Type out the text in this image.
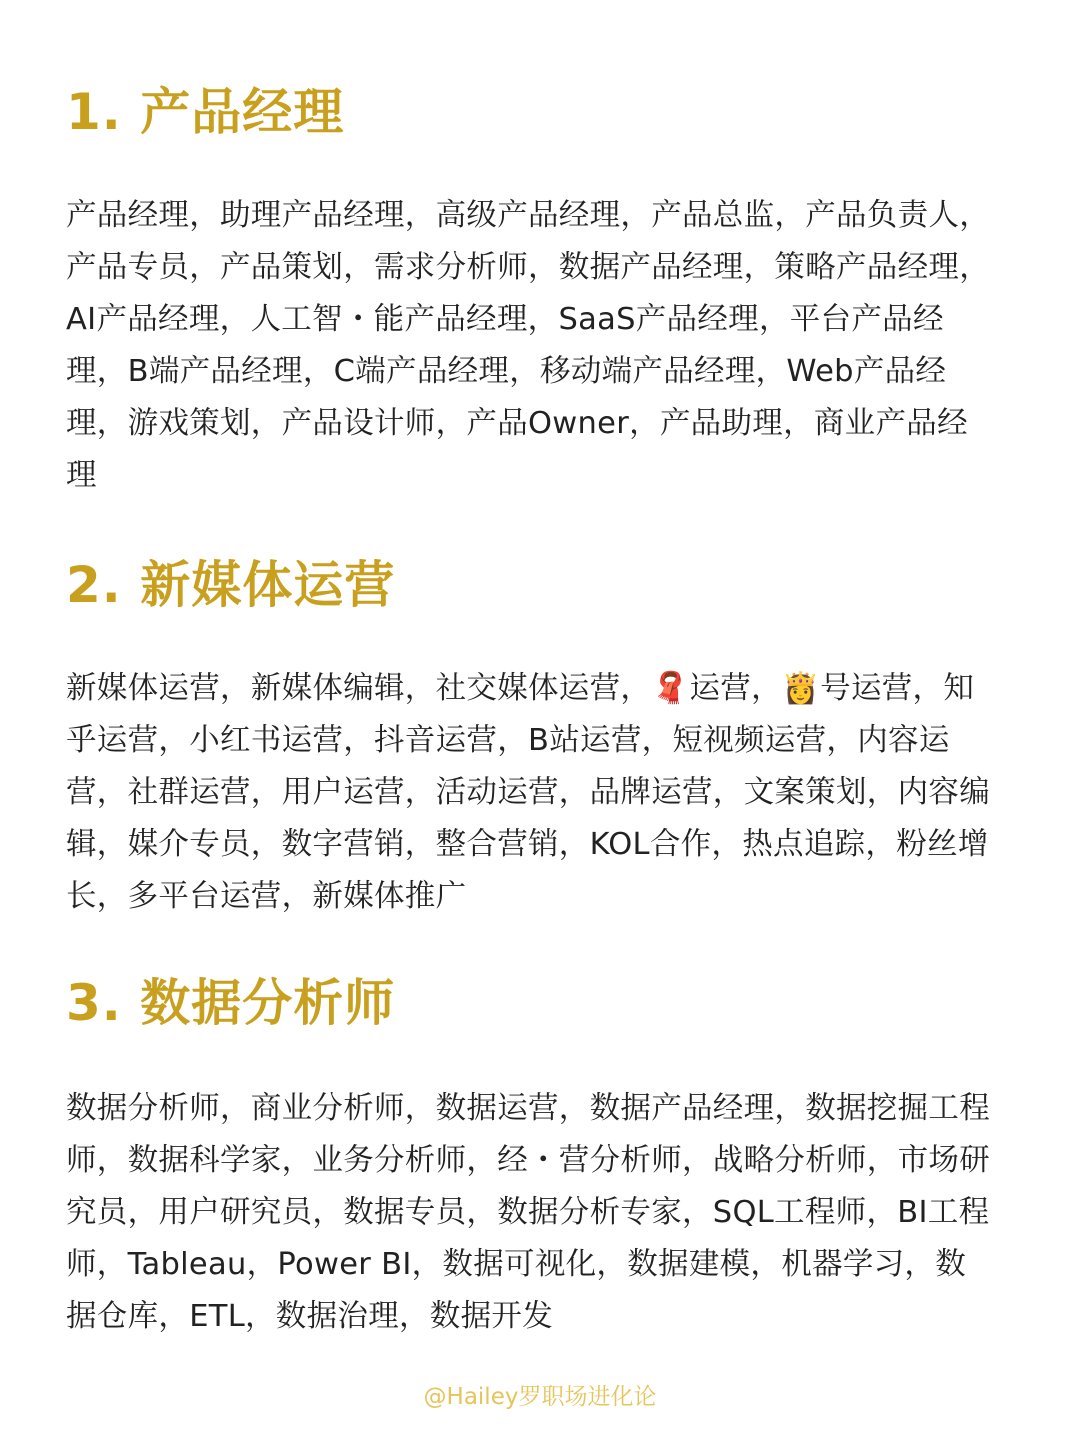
1. 产品经理

产品经理，助理产品经理，高级产品经理，产品总监，产品负责人，产品专员，产品策划，需求分析师，数据产品经理，策略产品经理，AI产品经理，人工智・能产品经理，SaaS产品经理，平台产品经理，B端产品经理，C端产品经理，移动端产品经理，Web产品经理，游戏策划，产品设计师，产品Owner，产品助理，商业产品经理

2. 新媒体运营

新媒体运营，新媒体编辑，社交媒体运营，🧣运营，👸号运营，知乎运营，小红书运营，抖音运营，B站运营，短视频运营，内容运营，社群运营，用户运营，活动运营，品牌运营，文案策划，内容编辑，媒介专员，数字营销，整合营销，KOL合作，热点追踪，粉丝增长，多平台运营，新媒体推广

3. 数据分析师

数据分析师，商业分析师，数据运营，数据产品经理，数据挖掘工程师，数据科学家，业务分析师，经・营分析师，战略分析师，市场研究员，用户研究员，数据专员，数据分析专家，SQL工程师，BI工程师，Tableau，Power BI，数据可视化，数据建模，机器学习，数据仓库，ETL，数据治理，数据开发

@Hailey罗职场进化论
